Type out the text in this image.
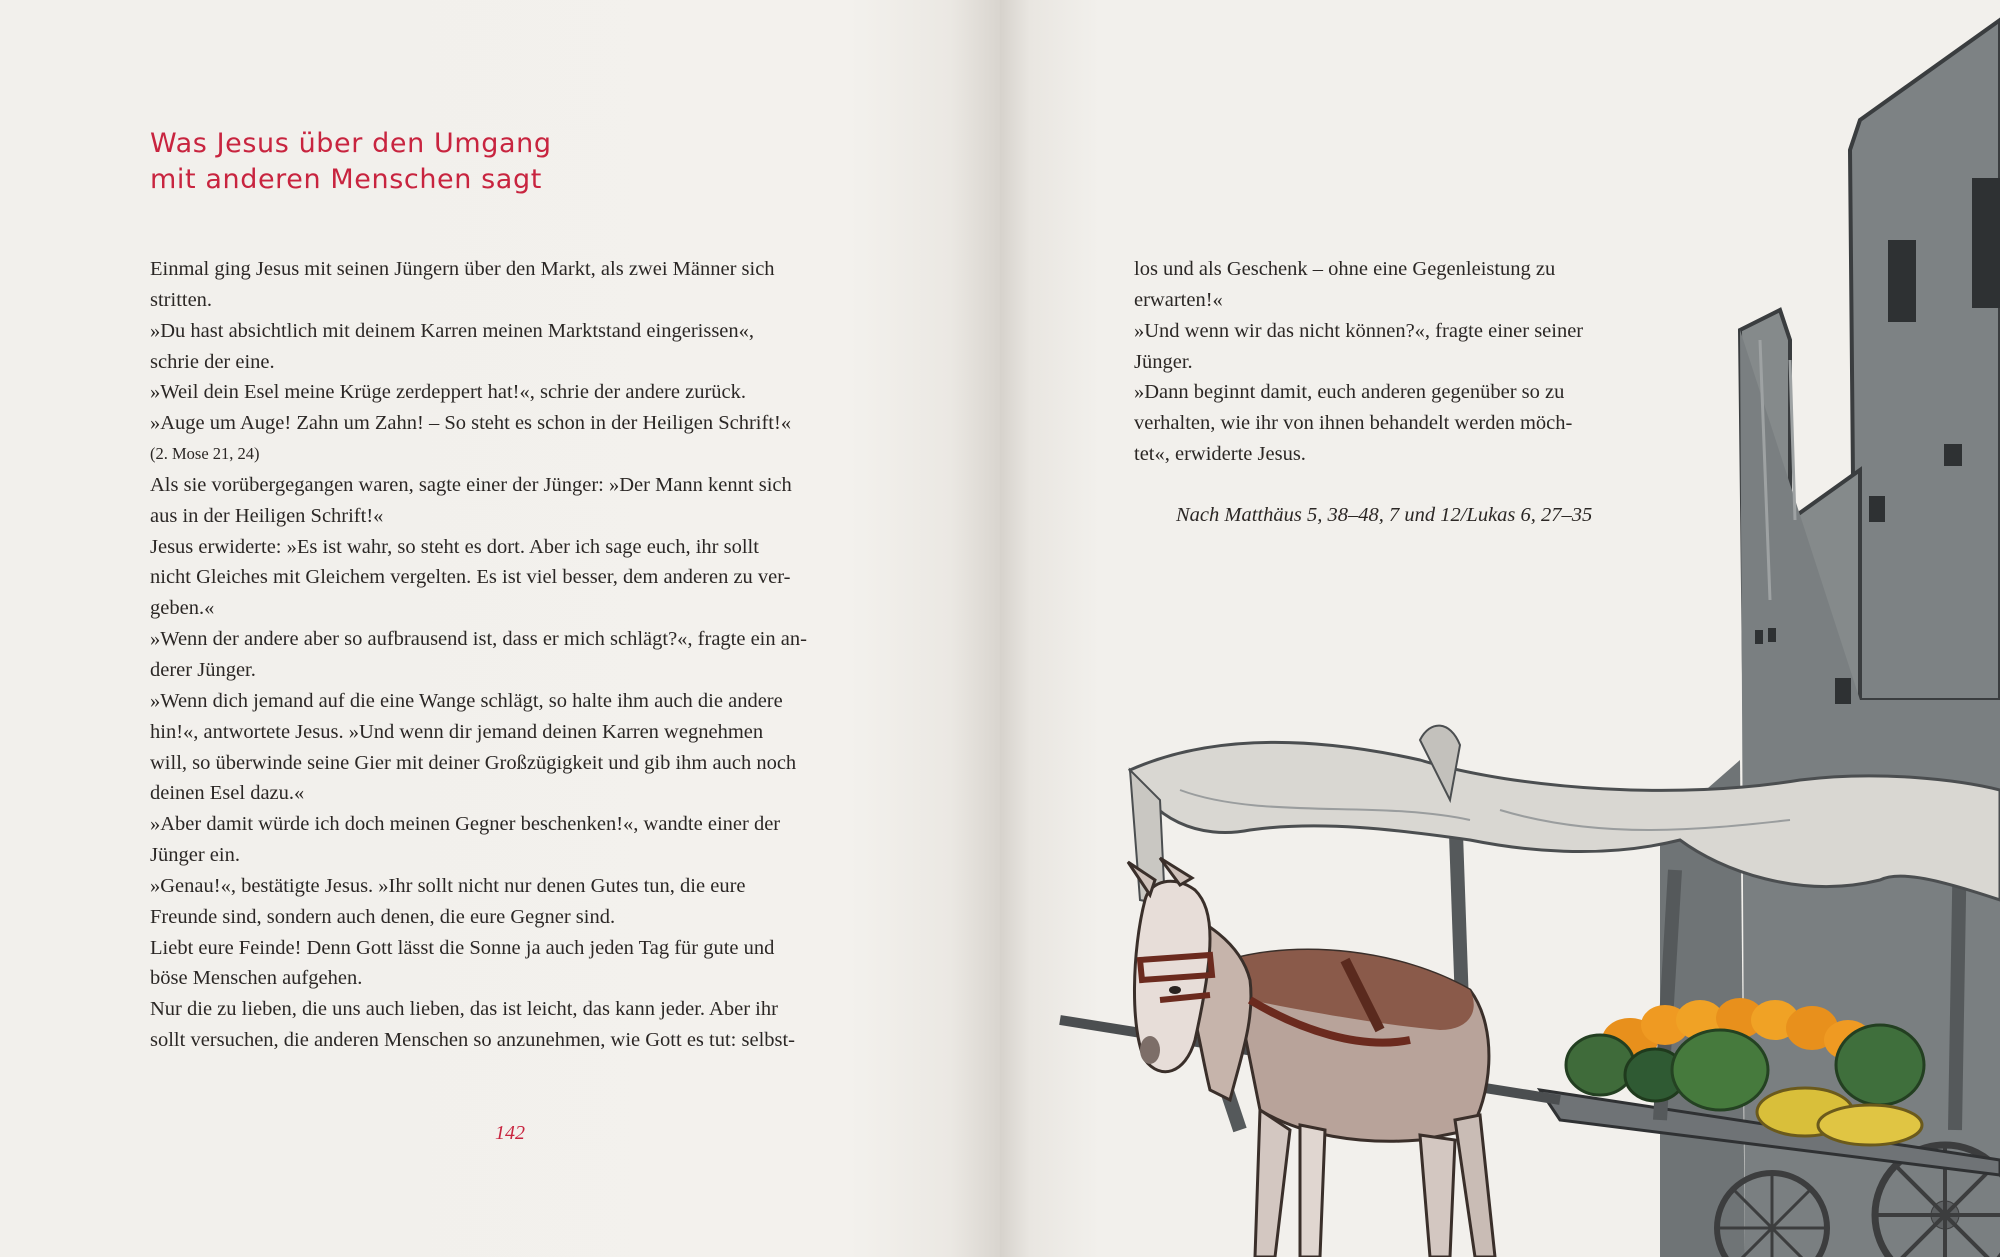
Was Jesus über den Umgang
mit anderen Menschen sagt
Einmal ging Jesus mit seinen Jüngern über den Markt, als zwei Männer sich
stritten.
»Du hast absichtlich mit deinem Karren meinen Marktstand eingerissen«,
schrie der eine.
»Weil dein Esel meine Krüge zerdeppert hat!«, schrie der andere zurück.
»Auge um Auge! Zahn um Zahn! – So steht es schon in der Heiligen Schrift!«
(2. Mose 21, 24)
Als sie vorübergegangen waren, sagte einer der Jünger: »Der Mann kennt sich
aus in der Heiligen Schrift!«
Jesus erwiderte: »Es ist wahr, so steht es dort. Aber ich sage euch, ihr sollt
nicht Gleiches mit Gleichem vergelten. Es ist viel besser, dem anderen zu ver-
geben.«
»Wenn der andere aber so aufbrausend ist, dass er mich schlägt?«, fragte ein an-
derer Jünger.
»Wenn dich jemand auf die eine Wange schlägt, so halte ihm auch die andere
hin!«, antwortete Jesus. »Und wenn dir jemand deinen Karren wegnehmen
will, so überwinde seine Gier mit deiner Großzügigkeit und gib ihm auch noch
deinen Esel dazu.«
»Aber damit würde ich doch meinen Gegner beschenken!«, wandte einer der
Jünger ein.
»Genau!«, bestätigte Jesus. »Ihr sollt nicht nur denen Gutes tun, die eure
Freunde sind, sondern auch denen, die eure Gegner sind.
Liebt eure Feinde! Denn Gott lässt die Sonne ja auch jeden Tag für gute und
böse Menschen aufgehen.
Nur die zu lieben, die uns auch lieben, das ist leicht, das kann jeder. Aber ihr
sollt versuchen, die anderen Menschen so anzunehmen, wie Gott es tut: selbst-
142
los und als Geschenk – ohne eine Gegenleistung zu
erwarten!«
»Und wenn wir das nicht können?«, fragte einer seiner
Jünger.
»Dann beginnt damit, euch anderen gegenüber so zu
verhalten, wie ihr von ihnen behandelt werden möch-
tet«, erwiderte Jesus.
Nach Matthäus 5, 38–48, 7 und 12/Lukas 6, 27–35
